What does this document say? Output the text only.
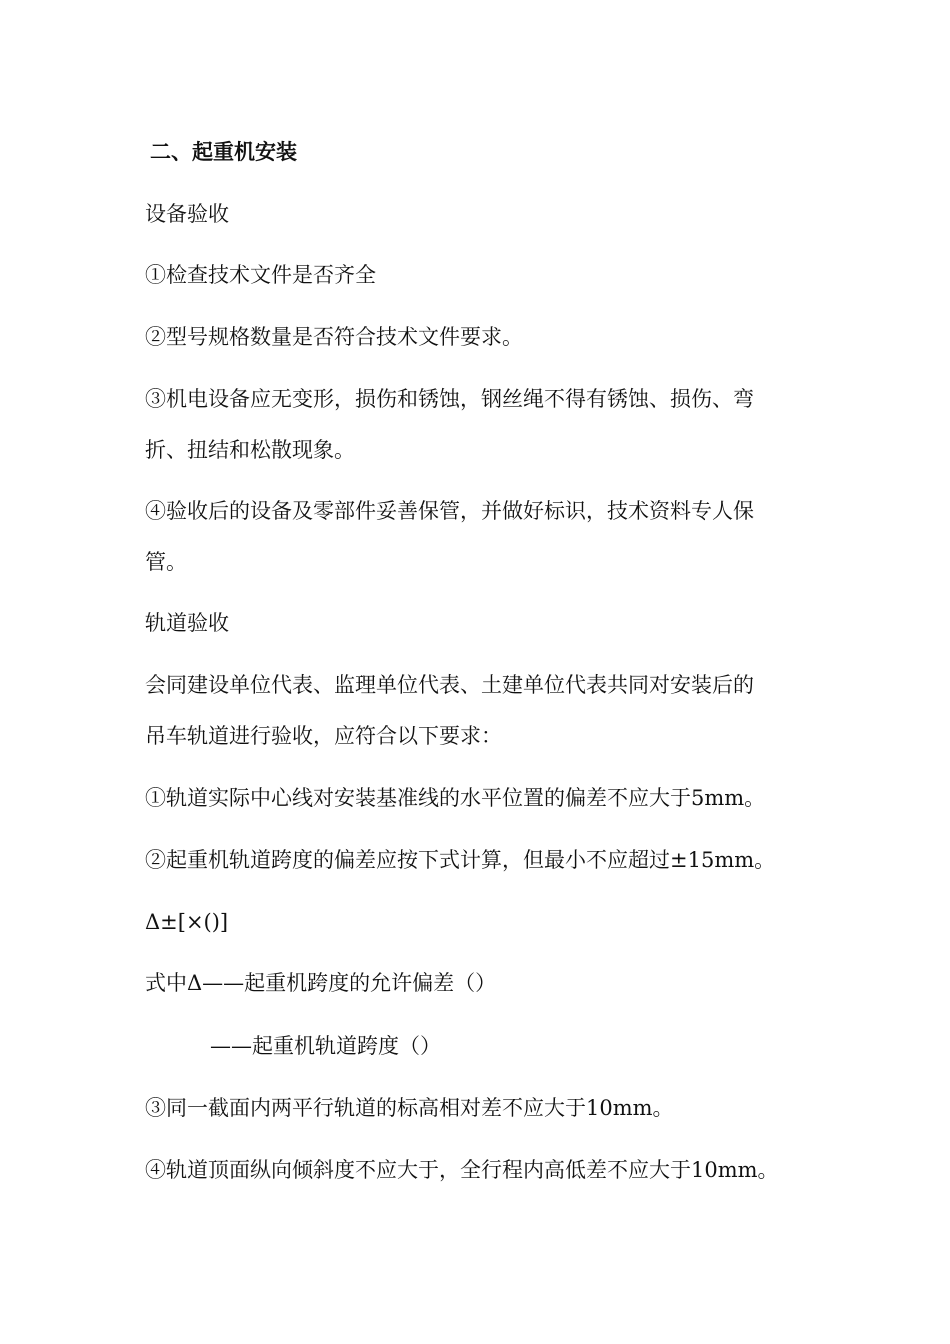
二、起重机安装
设备验收
①检查技术文件是否齐全
②型号规格数量是否符合技术文件要求。
③机电设备应无变形，损伤和锈蚀，钢丝绳不得有锈蚀、损伤、弯
折、扭结和松散现象。
④验收后的设备及零部件妥善保管，并做好标识，技术资料专人保
管。
轨道验收
会同建设单位代表、监理单位代表、土建单位代表共同对安装后的
吊车轨道进行验收，应符合以下要求：
①轨道实际中心线对安装基准线的水平位置的偏差不应大于5mm。
②起重机轨道跨度的偏差应按下式计算，但最小不应超过±15mm。
Δ±[×()]
式中Δ——起重机跨度的允许偏差（）
——起重机轨道跨度（）
③同一截面内两平行轨道的标高相对差不应大于10mm。
④轨道顶面纵向倾斜度不应大于，全行程内高低差不应大于10mm。
